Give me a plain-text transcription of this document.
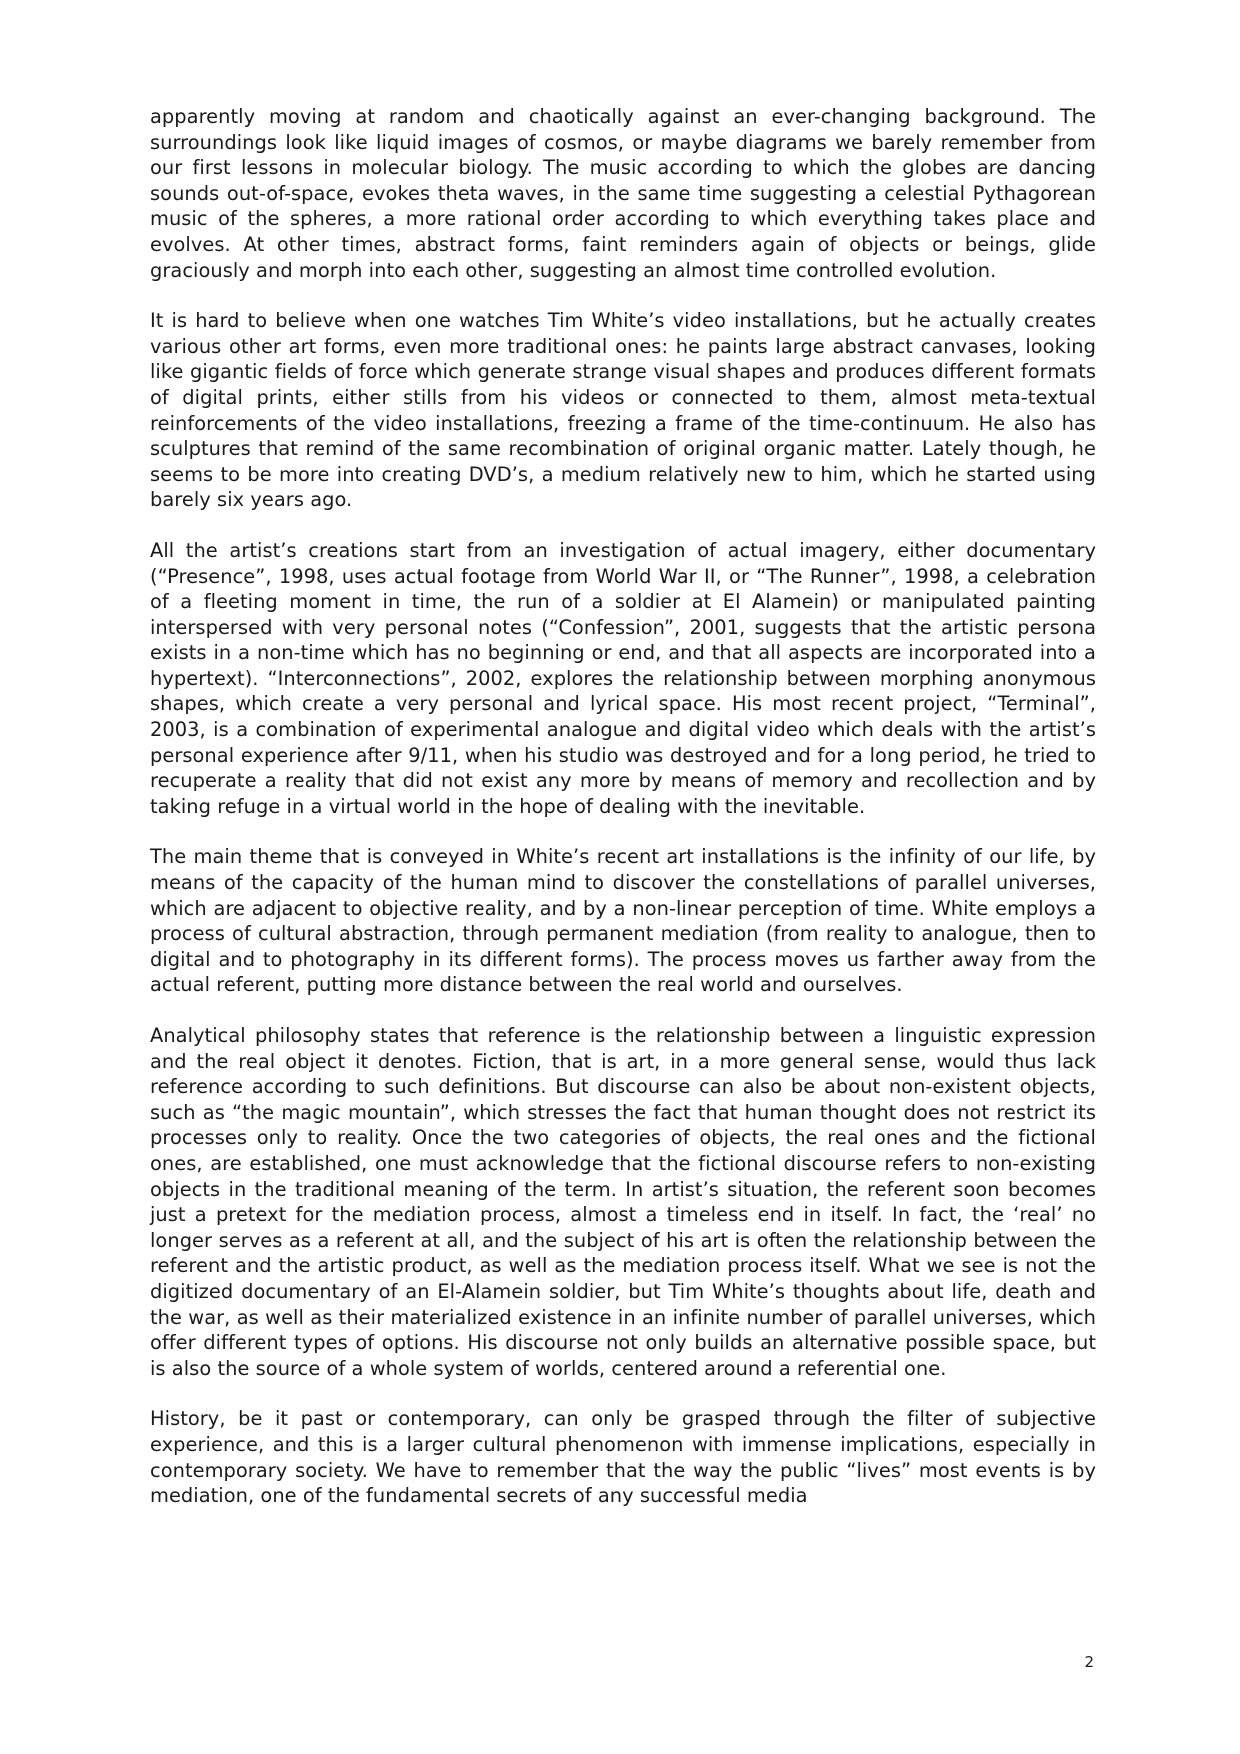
apparently moving at random and chaotically against an ever-changing background. The surroundings look like liquid images of cosmos, or maybe diagrams we barely remember from our first lessons in molecular biology. The music according to which the globes are dancing sounds out-of-space, evokes theta waves, in the same time suggesting a celestial Pythagorean music of the spheres, a more rational order according to which everything takes place and evolves. At other times, abstract forms, faint reminders again of objects or beings, glide graciously and morph into each other, suggesting an almost time controlled evolution.

It is hard to believe when one watches Tim White’s video installations, but he actually creates various other art forms, even more traditional ones: he paints large abstract canvases, looking like gigantic fields of force which generate strange visual shapes and produces different formats of digital prints, either stills from his videos or connected to them, almost meta-textual reinforcements of the video installations, freezing a frame of the time-continuum. He also has sculptures that remind of the same recombination of original organic matter. Lately though, he seems to be more into creating DVD’s, a medium relatively new to him, which he started using barely six years ago.

All the artist’s creations start from an investigation of actual imagery, either documentary (“Presence”, 1998, uses actual footage from World War II, or “The Runner”, 1998, a celebration of a fleeting moment in time, the run of a soldier at El Alamein) or manipulated painting interspersed with very personal notes (“Confession”, 2001, suggests that the artistic persona exists in a non-time which has no beginning or end, and that all aspects are incorporated into a hypertext). “Interconnections”, 2002, explores the relationship between morphing anonymous shapes, which create a very personal and lyrical space. His most recent project, “Terminal”, 2003, is a combination of experimental analogue and digital video which deals with the artist’s personal experience after 9/11, when his studio was destroyed and for a long period, he tried to recuperate a reality that did not exist any more by means of memory and recollection and by taking refuge in a virtual world in the hope of dealing with the inevitable.

The main theme that is conveyed in White’s recent art installations is the infinity of our life, by means of the capacity of the human mind to discover the constellations of parallel universes, which are adjacent to objective reality, and by a non-linear perception of time. White employs a process of cultural abstraction, through permanent mediation (from reality to analogue, then to digital and to photography in its different forms). The process moves us farther away from the actual referent, putting more distance between the real world and ourselves.

Analytical philosophy states that reference is the relationship between a linguistic expression and the real object it denotes. Fiction, that is art, in a more general sense, would thus lack reference according to such definitions. But discourse can also be about non-existent objects, such as “the magic mountain”, which stresses the fact that human thought does not restrict its processes only to reality. Once the two categories of objects, the real ones and the fictional ones, are established, one must acknowledge that the fictional discourse refers to non-existing objects in the traditional meaning of the term. In artist’s situation, the referent soon becomes just a pretext for the mediation process, almost a timeless end in itself. In fact, the ‘real’ no longer serves as a referent at all, and the subject of his art is often the relationship between the referent and the artistic product, as well as the mediation process itself. What we see is not the digitized documentary of an El-Alamein soldier, but Tim White’s thoughts about life, death and the war, as well as their materialized existence in an infinite number of parallel universes, which offer different types of options. His discourse not only builds an alternative possible space, but is also the source of a whole system of worlds, centered around a referential one.

History, be it past or contemporary, can only be grasped through the filter of subjective experience, and this is a larger cultural phenomenon with immense implications, especially in contemporary society. We have to remember that the way the public “lives” most events is by mediation, one of the fundamental secrets of any successful media

2
